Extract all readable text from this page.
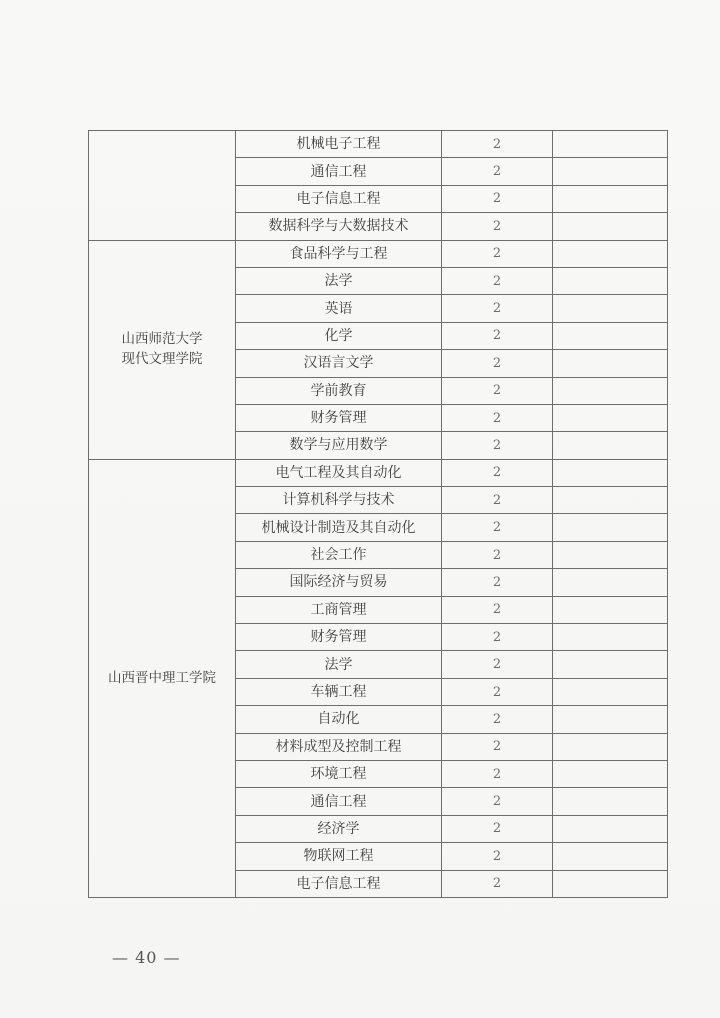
	机械电子工程	2	
	通信工程	2	
	电子信息工程	2	
	数据科学与大数据技术	2	

山西师范大学
现代文理学院	食品科学与工程	2	
	法学	2	
	英语	2	
	化学	2	
	汉语言文学	2	
	学前教育	2	
	财务管理	2	
	数学与应用数学	2	

山西晋中理工学院	电气工程及其自动化	2	
	计算机科学与技术	2	
	机械设计制造及其自动化	2	
	社会工作	2	
	国际经济与贸易	2	
	工商管理	2	
	财务管理	2	
	法学	2	
	车辆工程	2	
	自动化	2	
	材料成型及控制工程	2	
	环境工程	2	
	通信工程	2	
	经济学	2	
	物联网工程	2	
	电子信息工程	2	
— 40 —
